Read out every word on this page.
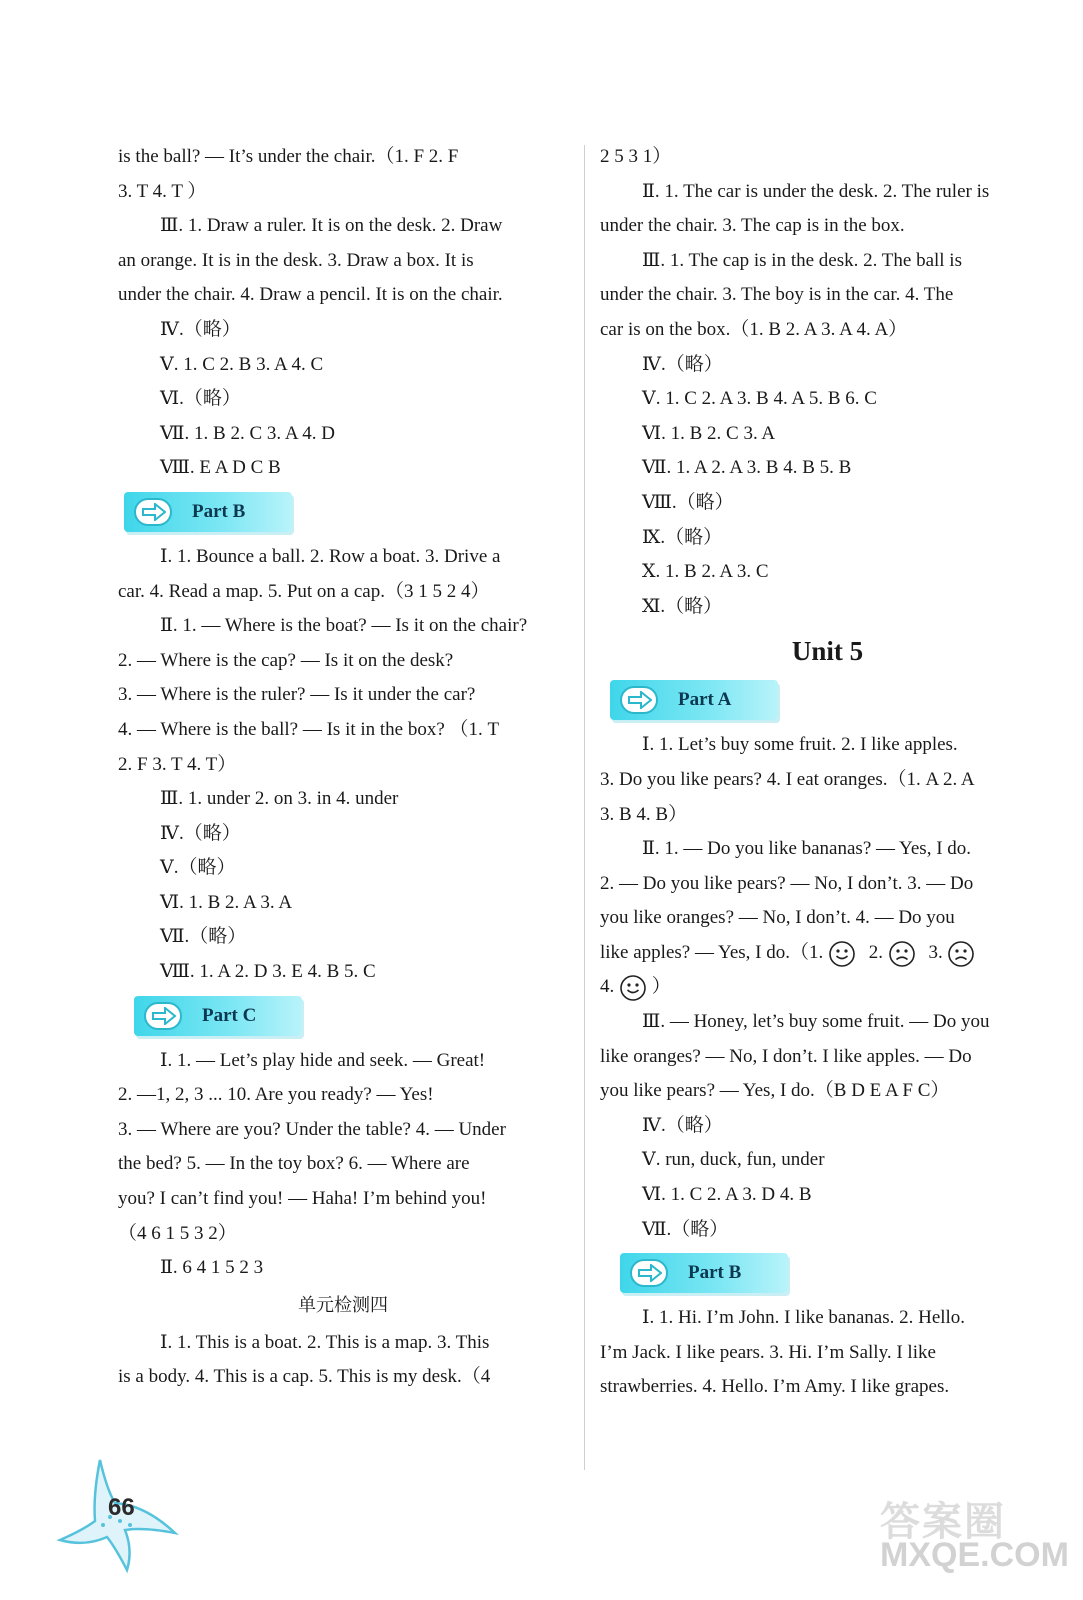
is the ball? — It’s under the chair.（1. F 2. F
3. T 4. T ）
Ⅲ. 1. Draw a ruler. It is on the desk. 2. Draw
an orange. It is in the desk. 3. Draw a box. It is
under the chair. 4. Draw a pencil. It is on the chair.
Ⅳ.（略）
Ⅴ. 1. C 2. B 3. A 4. C
Ⅵ.（略）
Ⅶ. 1. B 2. C 3. A 4. D
Ⅷ. E A D C B
Part B
Ⅰ. 1. Bounce a ball. 2. Row a boat. 3. Drive a
car. 4. Read a map. 5. Put on a cap.（3 1 5 2 4）
Ⅱ. 1. — Where is the boat? — Is it on the chair?
2. — Where is the cap? — Is it on the desk?
3. — Where is the ruler? — Is it under the car?
4. — Where is the ball? — Is it in the box? （1. T
2. F 3. T 4. T）
Ⅲ. 1. under 2. on 3. in 4. under
Ⅳ.（略）
Ⅴ.（略）
Ⅵ. 1. B 2. A 3. A
Ⅶ.（略）
Ⅷ. 1. A 2. D 3. E 4. B 5. C
Part C
Ⅰ. 1. — Let’s play hide and seek. — Great!
2. —1, 2, 3 ... 10. Are you ready? — Yes!
3. — Where are you? Under the table? 4. — Under
the bed? 5. — In the toy box? 6. — Where are
you? I can’t find you! — Haha! I’m behind you!
（4 6 1 5 3 2）
Ⅱ. 6 4 1 5 2 3
单元检测四
Ⅰ. 1. This is a boat. 2. This is a map. 3. This
is a body. 4. This is a cap. 5. This is my desk.（4
2 5 3 1）
Ⅱ. 1. The car is under the desk. 2. The ruler is
under the chair. 3. The cap is in the box.
Ⅲ. 1. The cap is in the desk. 2. The ball is
under the chair. 3. The boy is in the car. 4. The
car is on the box.（1. B 2. A 3. A 4. A）
Ⅳ.（略）
Ⅴ. 1. C 2. A 3. B 4. A 5. B 6. C
Ⅵ. 1. B 2. C 3. A
Ⅶ. 1. A 2. A 3. B 4. B 5. B
Ⅷ.（略）
Ⅸ.（略）
Ⅹ. 1. B 2. A 3. C
Ⅺ.（略）
Unit 5
Part A
Ⅰ. 1. Let’s buy some fruit. 2. I like apples.
3. Do you like pears? 4. I eat oranges.（1. A 2. A
3. B 4. B）
Ⅱ. 1. — Do you like bananas? — Yes, I do.
2. — Do you like pears? — No, I don’t. 3. — Do
you like oranges? — No, I don’t. 4. — Do you
like apples? — Yes, I do.（1. 2. 3.
4. ）
Ⅲ. — Honey, let’s buy some fruit. — Do you
like oranges? — No, I don’t. I like apples. — Do
you like pears? — Yes, I do.（B D E A F C）
Ⅳ.（略）
Ⅴ. run, duck, fun, under
Ⅵ. 1. C 2. A 3. D 4. B
Ⅶ.（略）
Part B
Ⅰ. 1. Hi. I’m John. I like bananas. 2. Hello.
I’m Jack. I like pears. 3. Hi. I’m Sally. I like
strawberries. 4. Hello. I’m Amy. I like grapes.
66	答案圈
MXQE.COM
